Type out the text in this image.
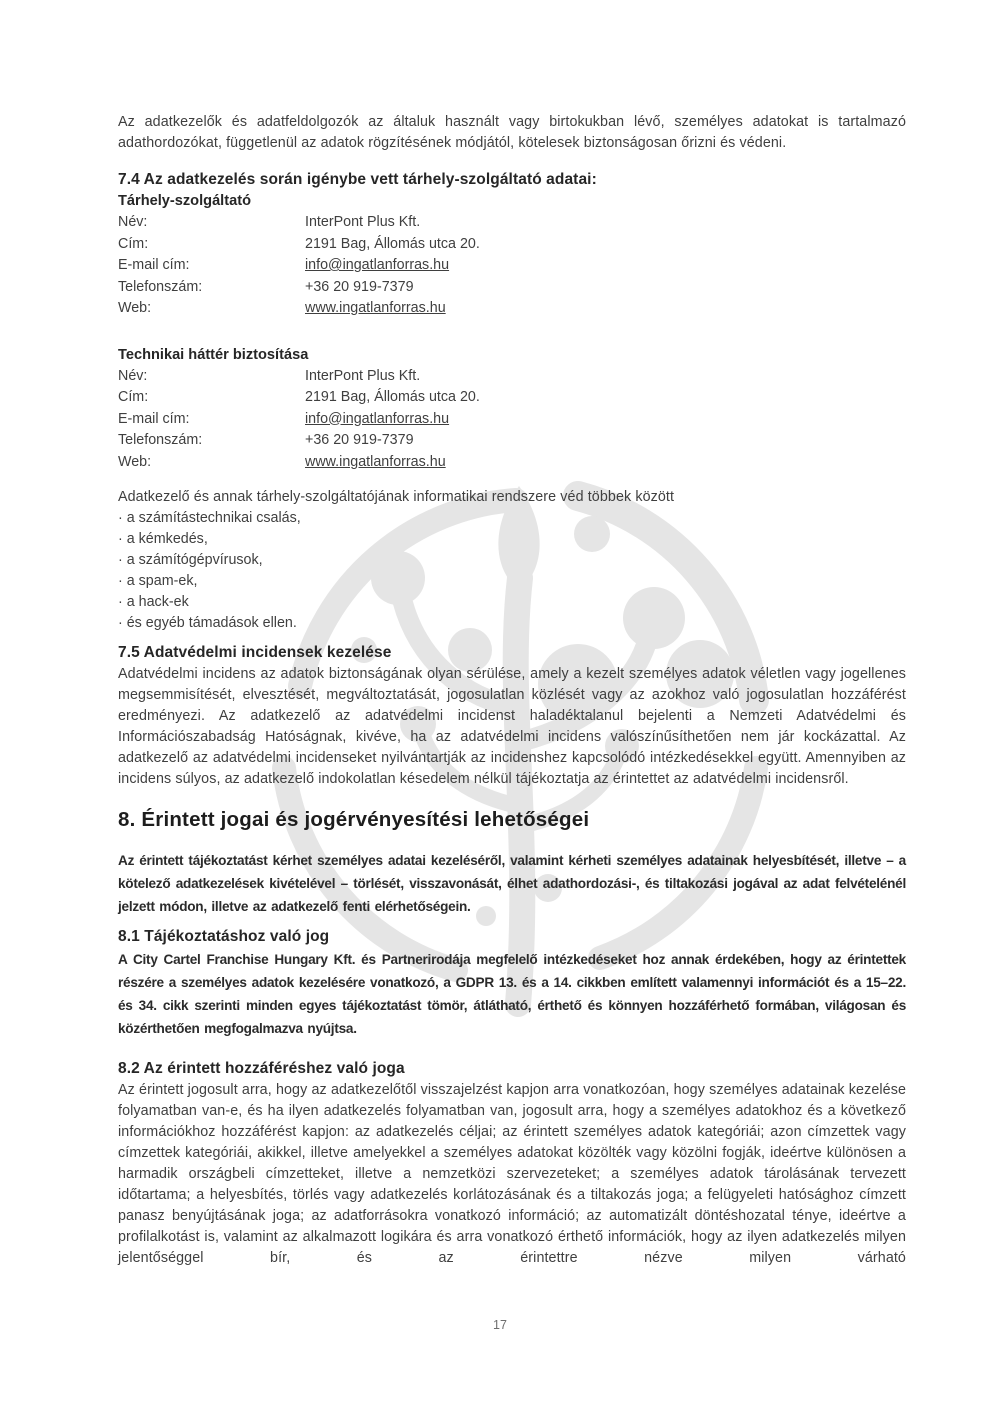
Az adatkezelők és adatfeldolgozók az általuk használt vagy birtokukban lévő, személyes adatokat is tartalmazó adathordozókat, függetlenül az adatok rögzítésének módjától, kötelesek biztonságosan őrizni és védeni.

7.4 Az adatkezelés során igénybe vett tárhely-szolgáltató adatai:
Tárhely-szolgáltató
Név:	InterPont Plus Kft.
Cím:	2191 Bag, Állomás utca 20.
E-mail cím:	info@ingatlanforras.hu
Telefonszám:	+36 20 919-7379
Web:	www.ingatlanforras.hu
Technikai háttér biztosítása
Név:	InterPont Plus Kft.
Cím:	2191 Bag, Állomás utca 20.
E-mail cím:	info@ingatlanforras.hu
Telefonszám:	+36 20 919-7379
Web:	www.ingatlanforras.hu

Adatkezelő és annak tárhely-szolgáltatójának informatikai rendszere véd többek között

· a számítástechnikai csalás,
· a kémkedés,
· a számítógépvírusok,
· a spam-ek,
· a hack-ek
· és egyéb támadások ellen.
7.5 Adatvédelmi incidensek kezelése

Adatvédelmi incidens az adatok biztonságának olyan sérülése, amely a kezelt személyes adatok véletlen vagy jogellenes megsemmisítését, elvesztését, megváltoztatását, jogosulatlan közlését vagy az azokhoz való jogosulatlan hozzáférést eredményezi. Az adatkezelő az adatvédelmi incidenst haladéktalanul bejelenti a Nemzeti Adatvédelmi és Információszabadság Hatóságnak, kivéve, ha az adatvédelmi incidens valószínűsíthetően nem jár kockázattal. Az adatkezelő az adatvédelmi incidenseket nyilvántartják az incidenshez kapcsolódó intézkedésekkel együtt. Amennyiben az incidens súlyos, az adatkezelő indokolatlan késedelem nélkül tájékoztatja az érintettet az adatvédelmi incidensről.

8. Érintett jogai és jogérvényesítési lehetőségei

Az érintett tájékoztatást kérhet személyes adatai kezeléséről, valamint kérheti személyes adatainak helyesbítését, illetve – a kötelező adatkezelések kivételével – törlését, visszavonását, élhet adathordozási-, és tiltakozási jogával az adat felvételénél jelzett módon, illetve az adatkezelő fenti elérhetőségein.

8.1 Tájékoztatáshoz való jog

A City Cartel Franchise Hungary Kft. és Partnerirodája megfelelő intézkedéseket hoz annak érdekében, hogy az érintettek részére a személyes adatok kezelésére vonatkozó, a GDPR 13. és a 14. cikkben említett valamennyi információt és a 15–22. és 34. cikk szerinti minden egyes tájékoztatást tömör, átlátható, érthető és könnyen hozzáférhető formában, világosan és közérthetően megfogalmazva nyújtsa.

8.2 Az érintett hozzáféréshez való joga

Az érintett jogosult arra, hogy az adatkezelőtől visszajelzést kapjon arra vonatkozóan, hogy személyes adatainak kezelése folyamatban van-e, és ha ilyen adatkezelés folyamatban van, jogosult arra, hogy a személyes adatokhoz és a következő információkhoz hozzáférést kapjon: az adatkezelés céljai; az érintett személyes adatok kategóriái; azon címzettek vagy címzettek kategóriái, akikkel, illetve amelyekkel a személyes adatokat közölték vagy közölni fogják, ideértve különösen a harmadik országbeli címzetteket, illetve a nemzetközi szervezeteket; a személyes adatok tárolásának tervezett időtartama; a helyesbítés, törlés vagy adatkezelés korlátozásának és a tiltakozás joga; a felügyeleti hatósághoz címzett panasz benyújtásának joga; az adatforrásokra vonatkozó információ; az automatizált döntéshozatal ténye, ideértve a profilalkotást is, valamint az alkalmazott logikára és arra vonatkozó érthető információk, hogy az ilyen adatkezelés milyen jelentőséggel bír, és az érintettre nézve milyen várható

17
